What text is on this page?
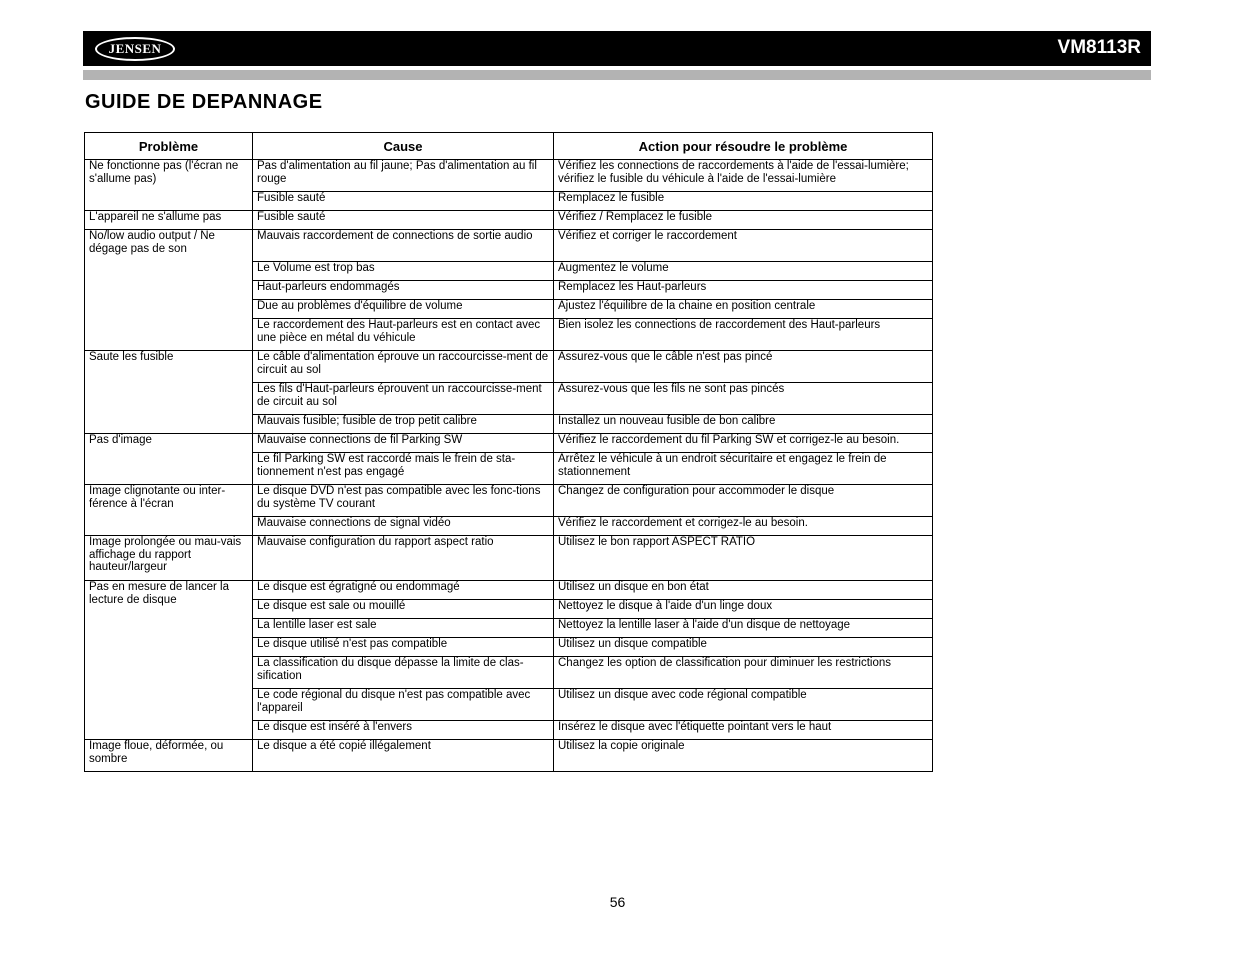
JENSEN	VM8113R
GUIDE DE DEPANNAGE
Problème	Cause	Action pour résoudre le problème
Ne fonctionne pas (l'écran ne s'allume pas)	Pas d'alimentation au fil jaune; Pas d'alimentation au fil rouge	Vérifiez les connections de raccordements à l'aide de l'essai-lumière; vérifiez le fusible du véhicule à l'aide de l'essai-lumière
	Fusible sauté	Remplacez le fusible
L'appareil ne s'allume pas	Fusible sauté	Vérifiez / Remplacez le fusible
No/low audio output / Ne dégage pas de son	Mauvais raccordement de connections de sortie audio	Vérifiez et corriger le raccordement
	Le Volume est trop bas	Augmentez le volume
	Haut-parleurs endommagés	Remplacez les Haut-parleurs
	Due au problèmes d'équilibre de volume	Ajustez l'équilibre de la chaine en position centrale
	Le raccordement des Haut-parleurs est en contact avec une pièce en métal du véhicule	Bien isolez les connections de raccordement des Haut-parleurs
Saute les fusible	Le câble d'alimentation éprouve un raccourcisse-ment de circuit au sol	Assurez-vous que le câble n'est pas pincé
	Les fils d'Haut-parleurs éprouvent un raccourcisse-ment de circuit au sol	Assurez-vous que les fils ne sont pas pincés
	Mauvais fusible; fusible de trop petit calibre	Installez un nouveau fusible de bon calibre
Pas d'image	Mauvaise connections de fil Parking SW	Vérifiez le raccordement du fil Parking SW et corrigez-le au besoin.
	Le fil Parking SW est raccordé mais le frein de sta-tionnement n'est pas engagé	Arrêtez le véhicule à un endroit sécuritaire et engagez le frein de stationnement
Image clignotante ou inter-férence à l'écran	Le disque DVD n'est pas compatible avec les fonc-tions du système TV courant	Changez de configuration pour accommoder le disque
	Mauvaise connections de signal vidéo	Vérifiez le raccordement et corrigez-le au besoin.
Image prolongée ou mau-vais affichage du rapport hauteur/largeur	Mauvaise configuration du rapport aspect ratio	Utilisez le bon rapport ASPECT RATIO
Pas en mesure de lancer la lecture de disque	Le disque est égratigné ou endommagé	Utilisez un disque en bon état
	Le disque est sale ou mouillé	Nettoyez le disque à l'aide d'un linge doux
	La lentille laser est sale	Nettoyez la lentille laser à l'aide d'un disque de nettoyage
	Le disque utilisé n'est pas compatible	Utilisez un disque compatible
	La classification du disque dépasse la limite de clas-sification	Changez les option de classification pour diminuer les restrictions
	Le code régional du disque n'est pas compatible avec l'appareil	Utilisez un disque avec code régional compatible
	Le disque est inséré à l'envers	Insérez le disque avec l'étiquette pointant vers le haut
Image floue, déformée, ou sombre	Le disque a été copié illégalement	Utilisez la copie originale
56
